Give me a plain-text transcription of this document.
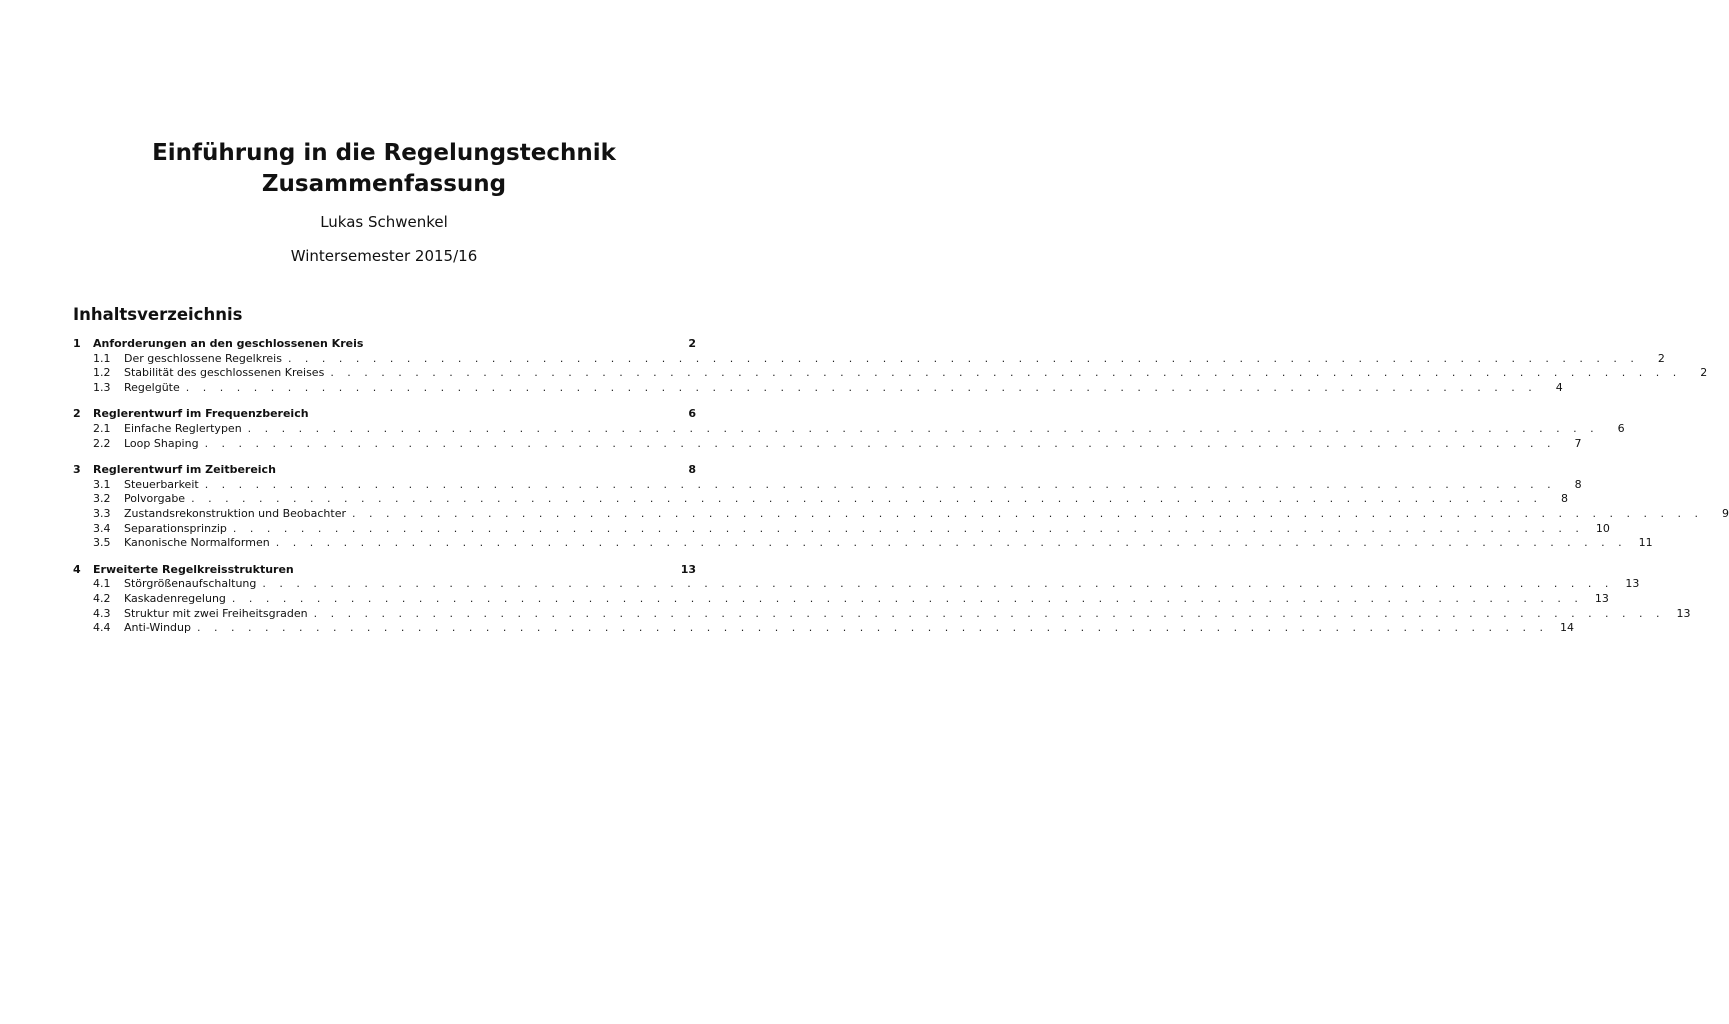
Einführung in die Regelungstechnik
Zusammenfassung
Lukas Schwenkel
Wintersemester 2015/16
Inhaltsverzeichnis
1	Anforderungen an den geschlossenen Kreis	2
1.1	Der geschlossene Regelkreis . . . . . . . . . . . . . . . . . . . . . . . . . . . . . . . . . . . . . . . . . . . . . . . . . . . . . . . . . . . . . . . . . . . . . . . . . . . . . . . .	2
1.2	Stabilität des geschlossenen Kreises . . . . . . . . . . . . . . . . . . . . . . . . . . . . . . . . . . . . . . . . . . . . . . . . . . . . . . . . . . . . . . . . . . . . . . . . . . . . . . . .	2
1.3	Regelgüte . . . . . . . . . . . . . . . . . . . . . . . . . . . . . . . . . . . . . . . . . . . . . . . . . . . . . . . . . . . . . . . . . . . . . . . . . . . . . . . .	4
2	Reglerentwurf im Frequenzbereich	6
2.1	Einfache Reglertypen . . . . . . . . . . . . . . . . . . . . . . . . . . . . . . . . . . . . . . . . . . . . . . . . . . . . . . . . . . . . . . . . . . . . . . . . . . . . . . . .	6
2.2	Loop Shaping . . . . . . . . . . . . . . . . . . . . . . . . . . . . . . . . . . . . . . . . . . . . . . . . . . . . . . . . . . . . . . . . . . . . . . . . . . . . . . . .	7
3	Reglerentwurf im Zeitbereich	8
3.1	Steuerbarkeit . . . . . . . . . . . . . . . . . . . . . . . . . . . . . . . . . . . . . . . . . . . . . . . . . . . . . . . . . . . . . . . . . . . . . . . . . . . . . . . .	8
3.2	Polvorgabe . . . . . . . . . . . . . . . . . . . . . . . . . . . . . . . . . . . . . . . . . . . . . . . . . . . . . . . . . . . . . . . . . . . . . . . . . . . . . . . .	8
3.3	Zustandsrekonstruktion und Beobachter . . . . . . . . . . . . . . . . . . . . . . . . . . . . . . . . . . . . . . . . . . . . . . . . . . . . . . . . . . . . . . . . . . . . . . . . . . . . . . . .	9
3.4	Separationsprinzip . . . . . . . . . . . . . . . . . . . . . . . . . . . . . . . . . . . . . . . . . . . . . . . . . . . . . . . . . . . . . . . . . . . . . . . . . . . . . . . .	10
3.5	Kanonische Normalformen . . . . . . . . . . . . . . . . . . . . . . . . . . . . . . . . . . . . . . . . . . . . . . . . . . . . . . . . . . . . . . . . . . . . . . . . . . . . . . . .	11
4	Erweiterte Regelkreisstrukturen	13
4.1	Störgrößenaufschaltung . . . . . . . . . . . . . . . . . . . . . . . . . . . . . . . . . . . . . . . . . . . . . . . . . . . . . . . . . . . . . . . . . . . . . . . . . . . . . . . .	13
4.2	Kaskadenregelung . . . . . . . . . . . . . . . . . . . . . . . . . . . . . . . . . . . . . . . . . . . . . . . . . . . . . . . . . . . . . . . . . . . . . . . . . . . . . . . .	13
4.3	Struktur mit zwei Freiheitsgraden . . . . . . . . . . . . . . . . . . . . . . . . . . . . . . . . . . . . . . . . . . . . . . . . . . . . . . . . . . . . . . . . . . . . . . . . . . . . . . . .	13
4.4	Anti-Windup . . . . . . . . . . . . . . . . . . . . . . . . . . . . . . . . . . . . . . . . . . . . . . . . . . . . . . . . . . . . . . . . . . . . . . . . . . . . . . . .	14
